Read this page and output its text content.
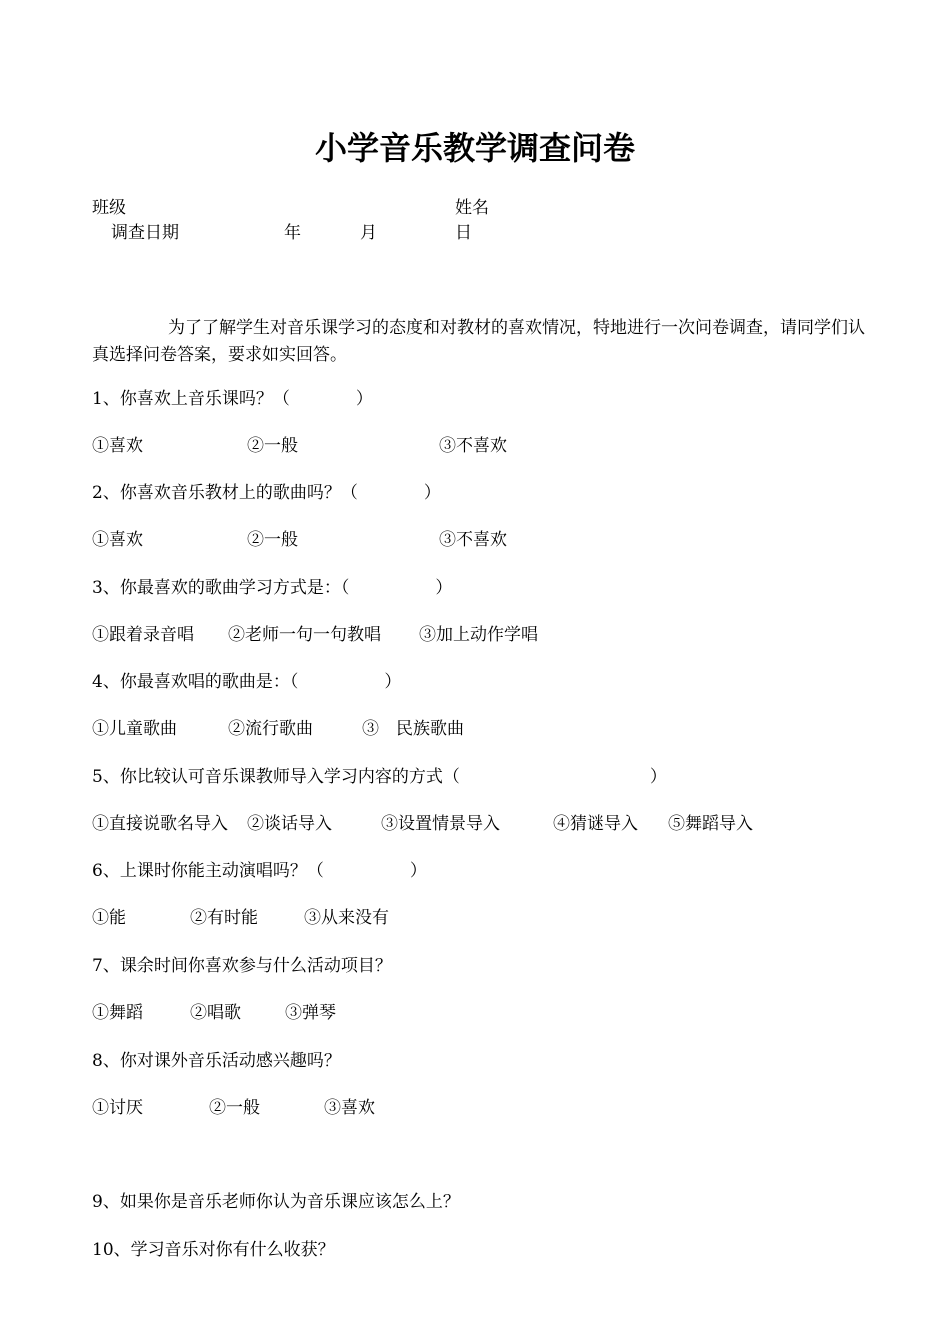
小学音乐教学调查问卷
班级	姓名
调查日期	年	月	日

为了了解学生对音乐课学习的态度和对教材的喜欢情况，特地进行一次问卷调查，请同学们认真选择问卷答案，要求如实回答。

1、你喜欢上音乐课吗？（	）
①喜欢	②一般	③不喜欢
2、你喜欢音乐教材上的歌曲吗？（	）
①喜欢	②一般	③不喜欢
3、你最喜欢的歌曲学习方式是：（	）
①跟着录音唱 ②老师一句一句教唱 ③加上动作学唱
4、你最喜欢唱的歌曲是：（	）
①儿童歌曲	②流行歌曲	③　民族歌曲
5、你比较认可音乐课教师导入学习内容的方式（	）
①直接说歌名导入 ②谈话导入	③设置情景导入	④猜谜导入 ⑤舞蹈导入
6、上课时你能主动演唱吗？（	）
①能	②有时能	③从来没有
7、课余时间你喜欢参与什么活动项目？
①舞蹈	②唱歌	③弹琴
8、你对课外音乐活动感兴趣吗？
①讨厌	②一般	③喜欢
9、如果你是音乐老师你认为音乐课应该怎么上？
10、学习音乐对你有什么收获？
